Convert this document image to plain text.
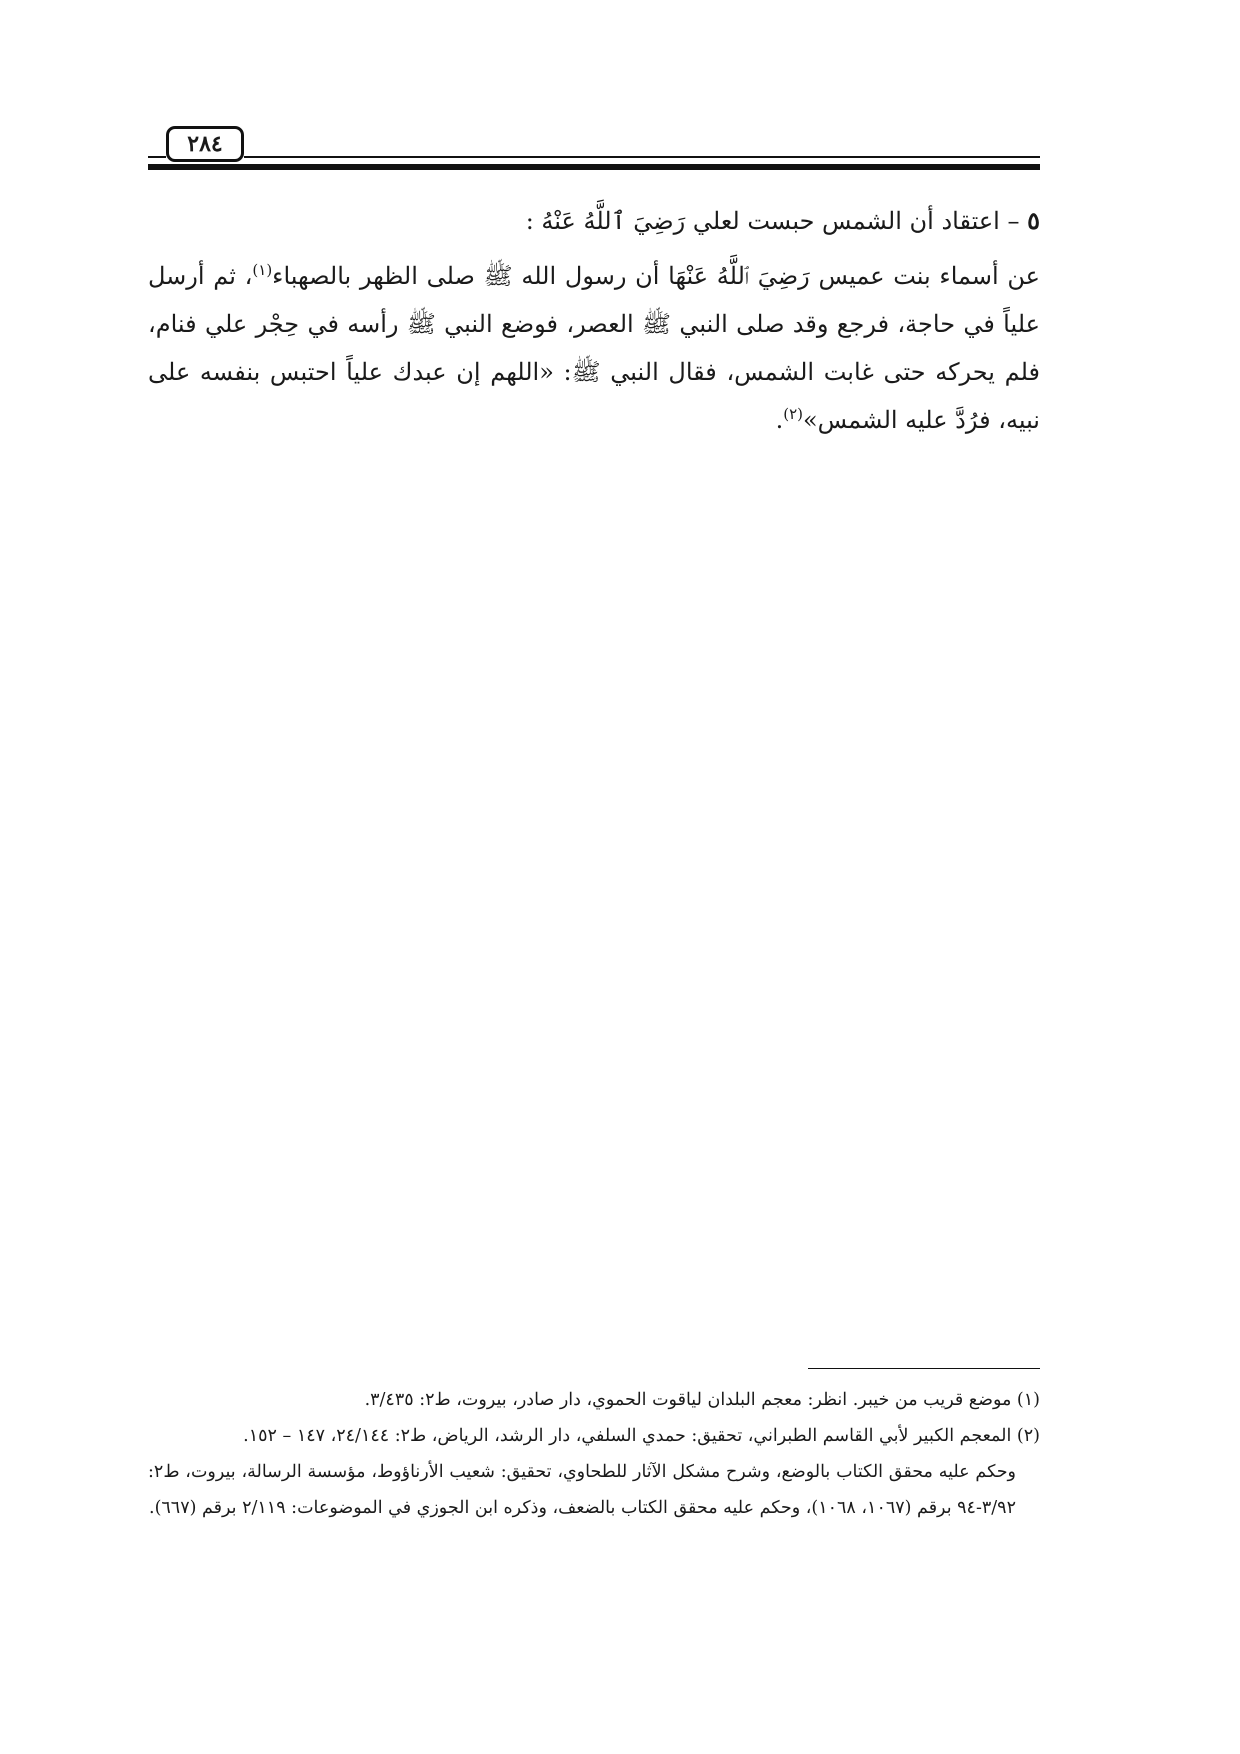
٢٨٤

٥ – اعتقاد أن الشمس حبست لعلي رَضِيَ ٱللَّهُ عَنْهُ :

عن أسماء بنت عميس رَضِيَ ٱللَّهُ عَنْهَا أن رسول الله ﷺ صلى الظهر بالصهباء$^{(١)}$، ثم أرسل علياً في حاجة، فرجع وقد صلى النبي ﷺ العصر، فوضع النبي ﷺ رأسه في حِجْر علي فنام، فلم يحركه حتى غابت الشمس، فقال النبي ﷺ: «اللهم إن عبدك علياً احتبس بنفسه على نبيه، فرُدَّ عليه الشمس»$^{(٢)}$.

(١) موضع قريب من خيبر. انظر: معجم البلدان لياقوت الحموي، دار صادر، بيروت، ط٢: ٣/٤٣٥.

(٢) المعجم الكبير لأبي القاسم الطبراني، تحقيق: حمدي السلفي، دار الرشد، الرياض، ط٢: ٢٤/١٤٤، ١٤٧ – ١٥٢.

وحكم عليه محقق الكتاب بالوضع، وشرح مشكل الآثار للطحاوي، تحقيق: شعيب الأرناؤوط، مؤسسة الرسالة، بيروت، ط٢: ٣/٩٢-٩٤ برقم (١٠٦٧، ١٠٦٨)، وحكم عليه محقق الكتاب بالضعف، وذكره ابن الجوزي في الموضوعات: ٢/١١٩ برقم (٦٦٧).
